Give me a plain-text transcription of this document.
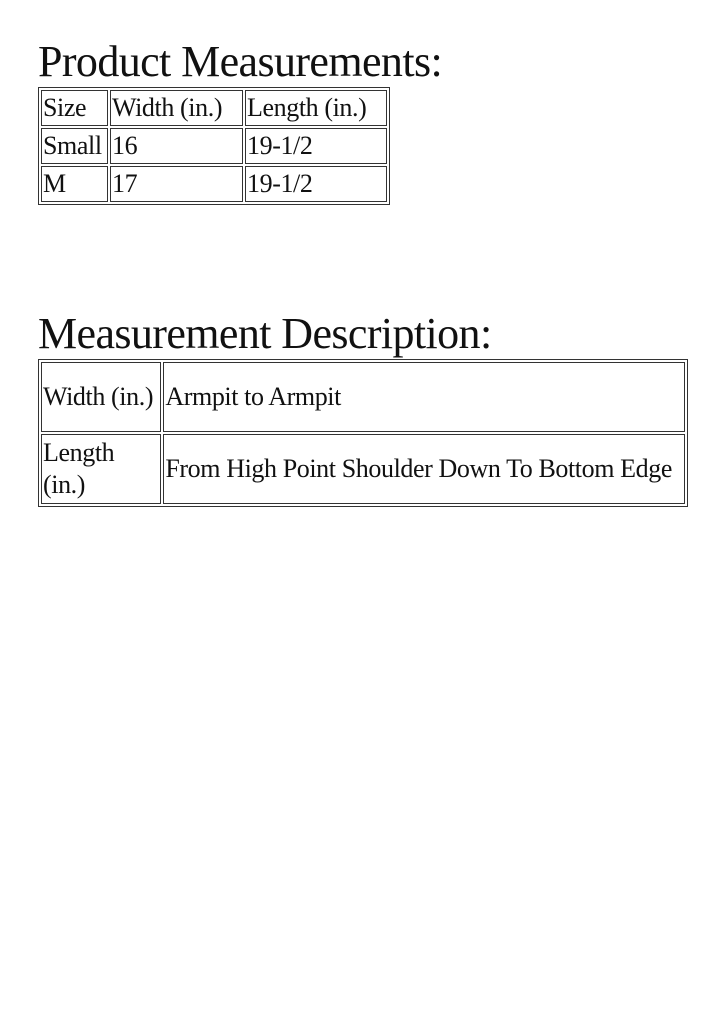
Product Measurements:
Size	Width (in.)	Length (in.)
Small	16	19-1/2
M	17	19-1/2
Measurement Description:
Width (in.)	Armpit to Armpit
Length (in.)	From High Point Shoulder Down To Bottom Edge
